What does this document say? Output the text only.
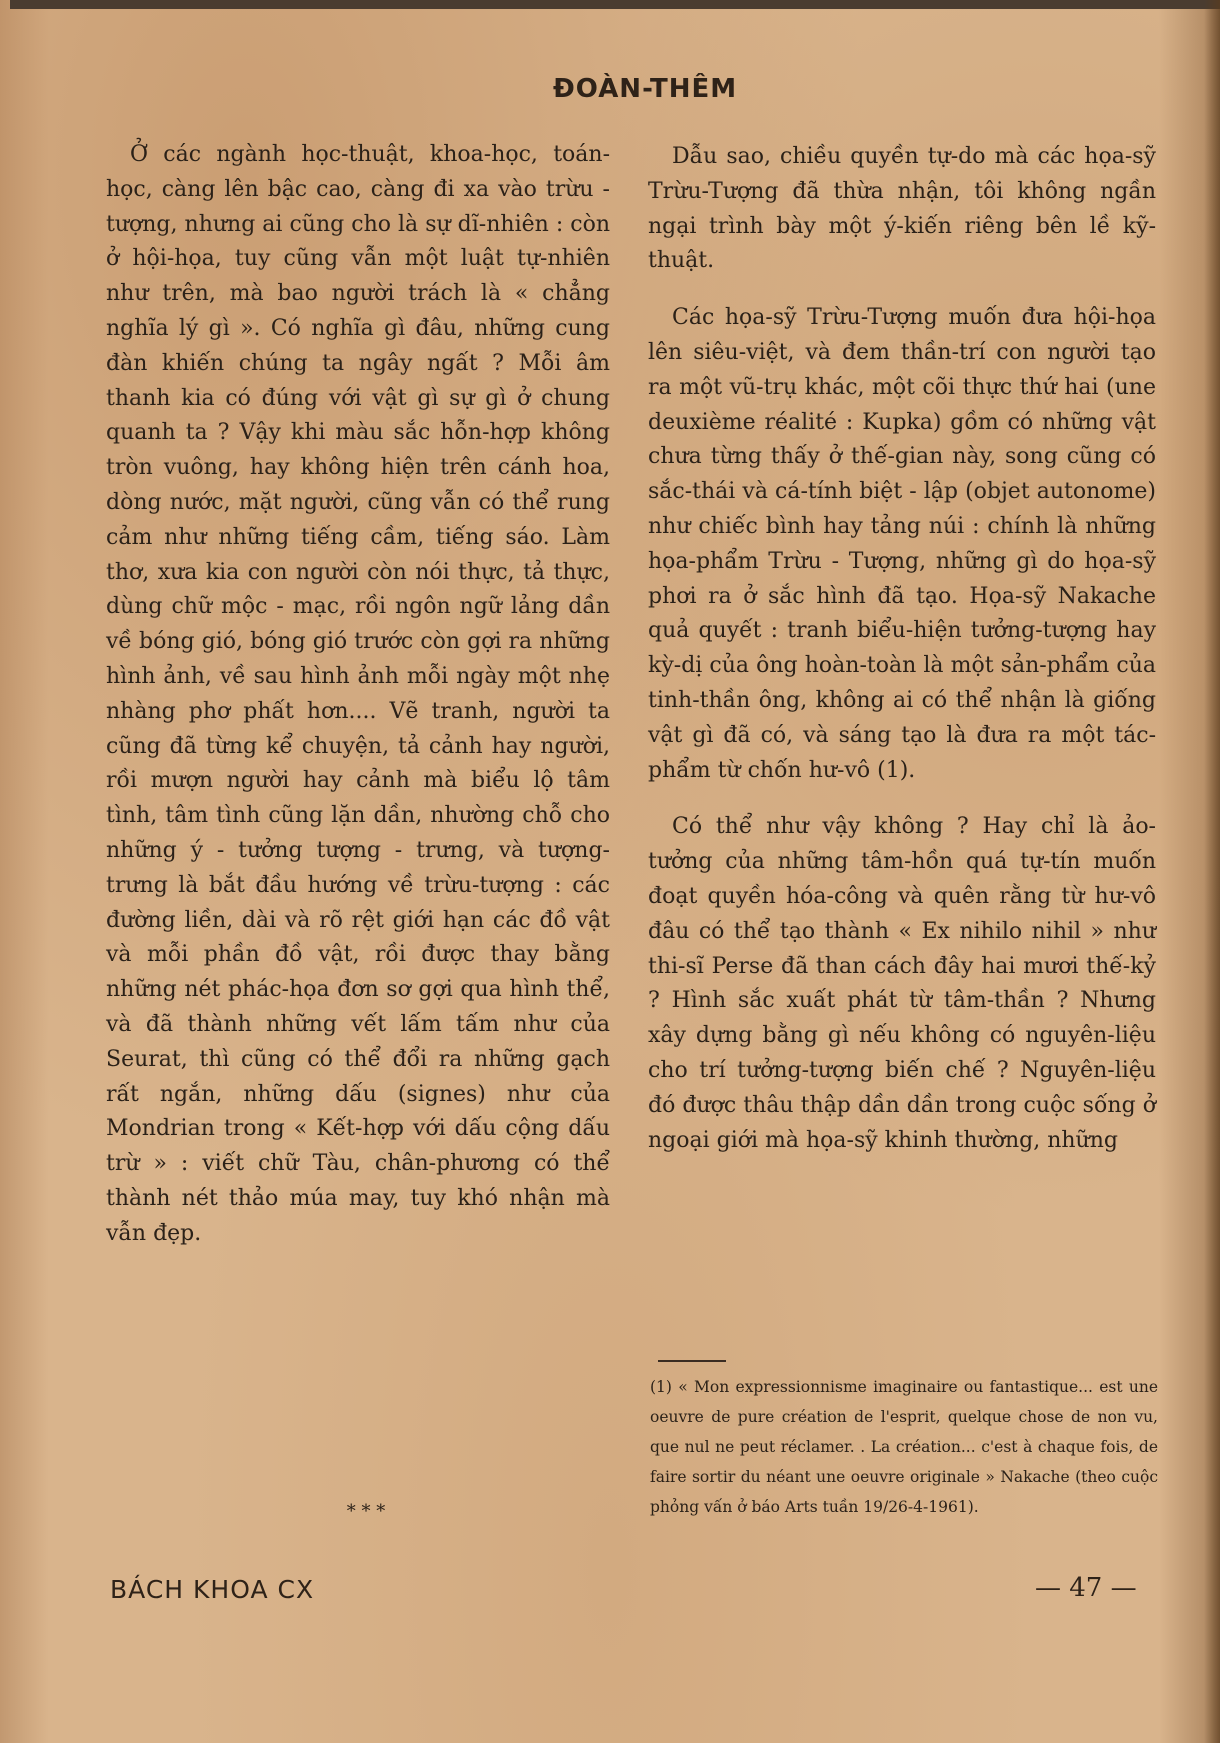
ĐOÀN-THÊM

Ở các ngành học-thuật, khoa-học, toán-học, càng lên bậc cao, càng đi xa vào trừu - tượng, nhưng ai cũng cho là sự dĩ-nhiên : còn ở hội-họa, tuy cũng vẫn một luật tự-nhiên như trên, mà bao người trách là « chẳng nghĩa lý gì ». Có nghĩa gì đâu, những cung đàn khiến chúng ta ngây ngất ? Mỗi âm thanh kia có đúng với vật gì sự gì ở chung quanh ta ? Vậy khi màu sắc hỗn-hợp không tròn vuông, hay không hiện trên cánh hoa, dòng nước, mặt người, cũng vẫn có thể rung cảm như những tiếng cầm, tiếng sáo. Làm thơ, xưa kia con người còn nói thực, tả thực, dùng chữ mộc - mạc, rồi ngôn ngữ lảng dần về bóng gió, bóng gió trước còn gợi ra những hình ảnh, về sau hình ảnh mỗi ngày một nhẹ nhàng phơ phất hơn.... Vẽ tranh, người ta cũng đã từng kể chuyện, tả cảnh hay người, rồi mượn người hay cảnh mà biểu lộ tâm tình, tâm tình cũng lặn dần, nhường chỗ cho những ý - tưởng tượng - trưng, và tượng-trưng là bắt đầu hướng về trừu-tượng : các đường liền, dài và rõ rệt giới hạn các đồ vật và mỗi phần đồ vật, rồi được thay bằng những nét phác-họa đơn sơ gợi qua hình thể, và đã thành những vết lấm tấm như của Seurat, thì cũng có thể đổi ra những gạch rất ngắn, những dấu (signes) như của Mondrian trong « Kết-hợp với dấu cộng dấu trừ » : viết chữ Tàu, chân-phương có thể thành nét thảo múa may, tuy khó nhận mà vẫn đẹp.

* * *

Dẫu sao, chiều quyền tự-do mà các họa-sỹ Trừu-Tượng đã thừa nhận, tôi không ngần ngại trình bày một ý-kiến riêng bên lề kỹ-thuật.

Các họa-sỹ Trừu-Tượng muốn đưa hội-họa lên siêu-việt, và đem thần-trí con người tạo ra một vũ-trụ khác, một cõi thực thứ hai (une deuxième réalité : Kupka) gồm có những vật chưa từng thấy ở thế-gian này, song cũng có sắc-thái và cá-tính biệt - lập (objet autonome) như chiếc bình hay tảng núi : chính là những họa-phẩm Trừu - Tượng, những gì do họa-sỹ phơi ra ở sắc hình đã tạo. Họa-sỹ Nakache quả quyết : tranh biểu-hiện tưởng-tượng hay kỳ-dị của ông hoàn-toàn là một sản-phẩm của tinh-thần ông, không ai có thể nhận là giống vật gì đã có, và sáng tạo là đưa ra một tác-phẩm từ chốn hư-vô (1).

Có thể như vậy không ? Hay chỉ là ảo-tưởng của những tâm-hồn quá tự-tín muốn đoạt quyền hóa-công và quên rằng từ hư-vô đâu có thể tạo thành « Ex nihilo nihil » như thi-sĩ Perse đã than cách đây hai mươi thế-kỷ ? Hình sắc xuất phát từ tâm-thần ? Nhưng xây dựng bằng gì nếu không có nguyên-liệu cho trí tưởng-tượng biến chế ? Nguyên-liệu đó được thâu thập dần dần trong cuộc sống ở ngoại giới mà họa-sỹ khinh thường, những

(1) « Mon expressionnisme imaginaire ou fantastique... est une oeuvre de pure création de l'esprit, quelque chose de non vu, que nul ne peut réclamer. . La création... c'est à chaque fois, de faire sortir du néant une oeuvre originale » Nakache (theo cuộc phỏng vấn ở báo Arts tuần 19/26-4-1961).
BÁCH KHOA CX	— 47 —
